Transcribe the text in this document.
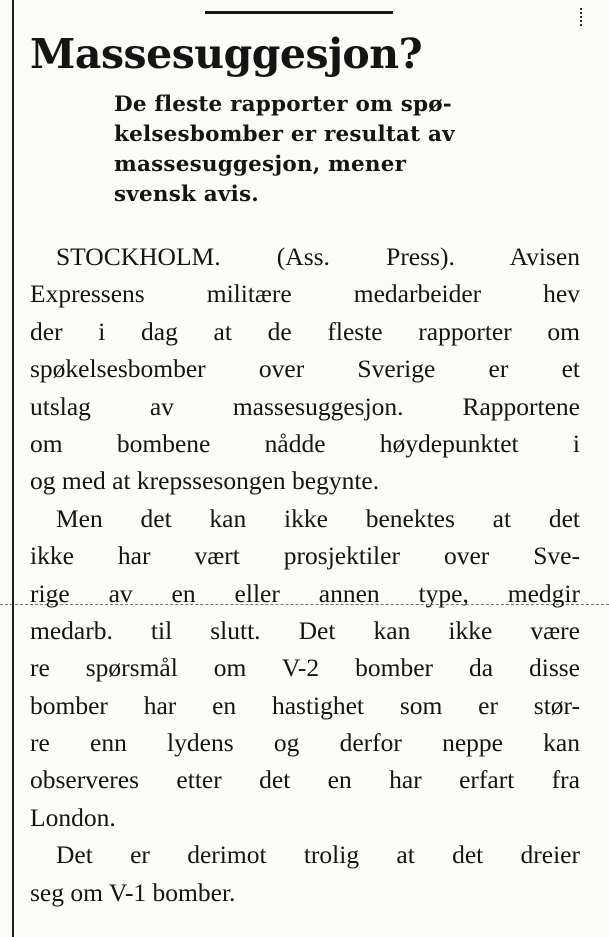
Massesuggesjon?
De fleste rapporter om spø-
kelsesbomber er resultat av
massesuggesjon, mener
svensk avis.
STOCKHOLM. (Ass. Press). Avisen
Expressens militære medarbeider hev
der i dag at de fleste rapporter om
spøkelsesbomber over Sverige er et
utslag av massesuggesjon. Rapportene
om bombene nådde høydepunktet i
og med at krepssesongen begynte.
Men det kan ikke benektes at det
ikke har vært prosjektiler over Sve-
rige av en eller annen type, medgir
medarb. til slutt. Det kan ikke være
re spørsmål om V-2 bomber da disse
bomber har en hastighet som er stør-
re enn lydens og derfor neppe kan
observeres etter det en har erfart fra
London.
Det er derimot trolig at det dreier
seg om V-1 bomber.
